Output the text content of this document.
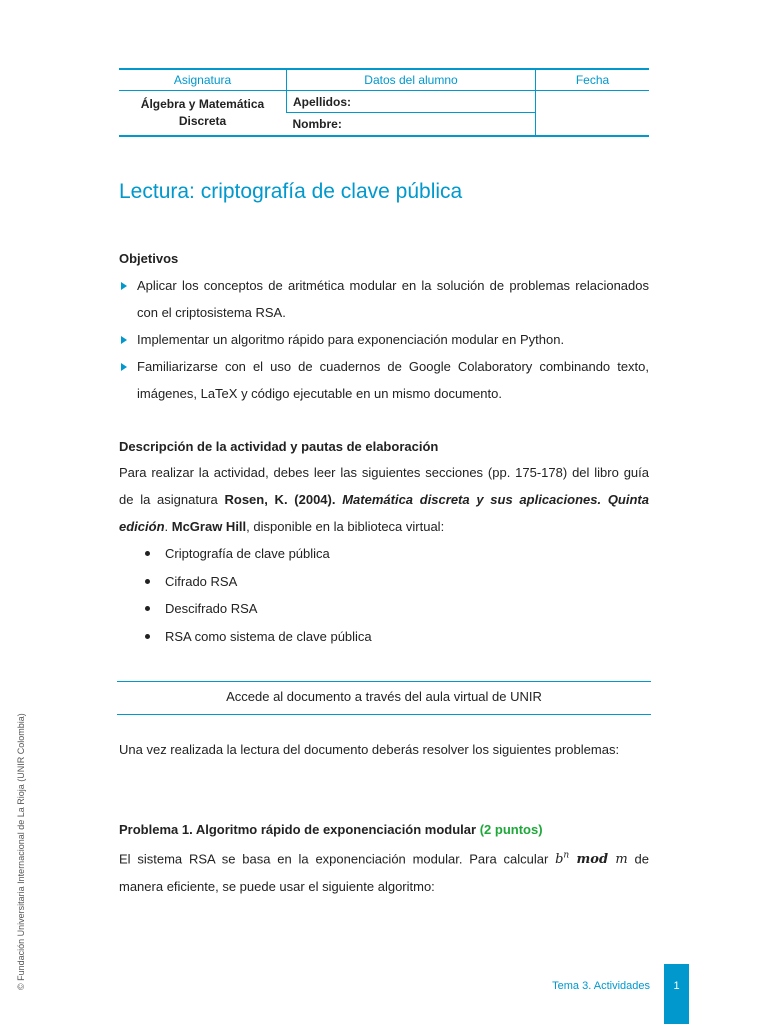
Asignatura	Datos del alumno	Fecha
Álgebra y Matemática
Discreta	Apellidos:	
	Nombre:	
Lectura: criptografía de clave pública
Objetivos
Aplicar los conceptos de aritmética modular en la solución de problemas relacionados con el criptosistema RSA.
Implementar un algoritmo rápido para exponenciación modular en Python.
Familiarizarse con el uso de cuadernos de Google Colaboratory combinando texto, imágenes, LaTeX y código ejecutable en un mismo documento.
Descripción de la actividad y pautas de elaboración

Para realizar la actividad, debes leer las siguientes secciones (pp. 175-178) del libro guía de la asignatura Rosen, K. (2004). Matemática discreta y sus aplicaciones. Quinta edición. McGraw Hill, disponible en la biblioteca virtual:

Criptografía de clave pública
Cifrado RSA
Descifrado RSA
RSA como sistema de clave pública
Accede al documento a través del aula virtual de UNIR

Una vez realizada la lectura del documento deberás resolver los siguientes problemas:

Problema 1. Algoritmo rápido de exponenciación modular (2 puntos)

El sistema RSA se basa en la exponenciación modular. Para calcular $b^n$ mod m de manera eficiente, se puede usar el siguiente algoritmo:

© Fundación Universitaria Internacional de La Rioja (UNIR Colombia)	Tema 3. Actividades	1
